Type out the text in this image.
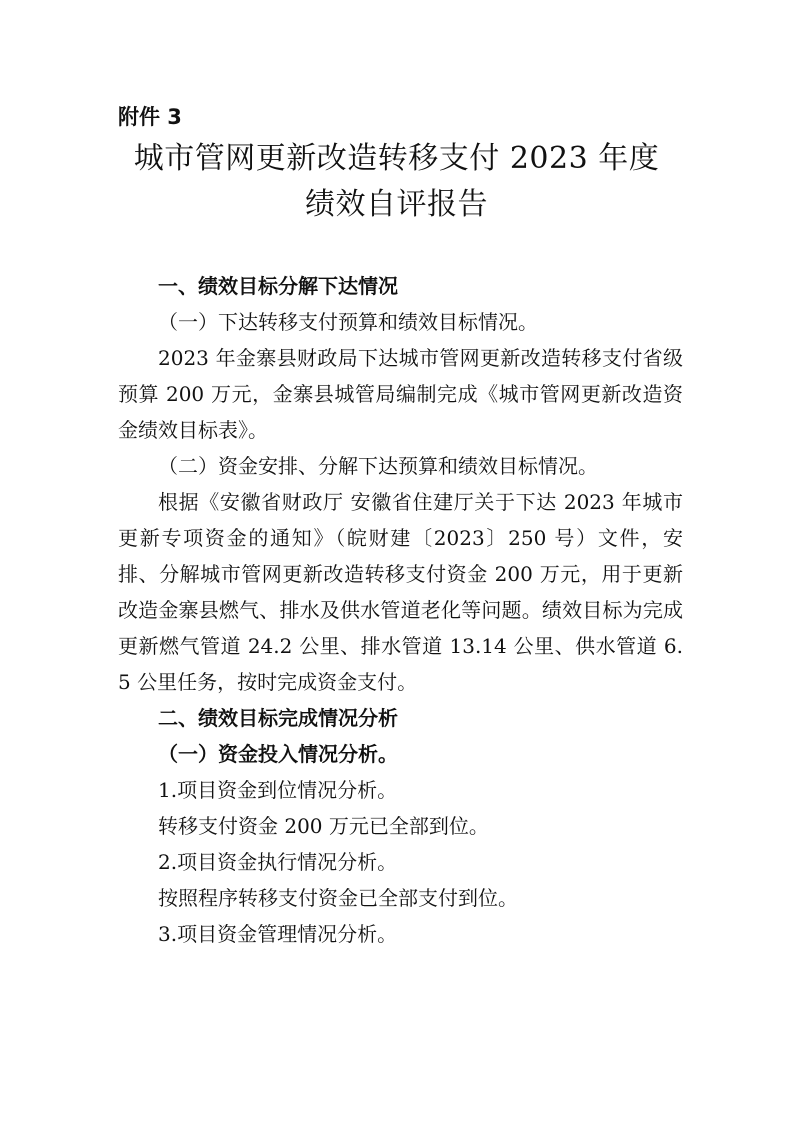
附件 3
城市管网更新改造转移支付 2023 年度
绩效自评报告

一、绩效目标分解下达情况

（一）下达转移支付预算和绩效目标情况。

2023 年金寨县财政局下达城市管网更新改造转移支付省级预算 200 万元，金寨县城管局编制完成《城市管网更新改造资金绩效目标表》。

（二）资金安排、分解下达预算和绩效目标情况。

根据《安徽省财政厅 安徽省住建厅关于下达 2023 年城市更新专项资金的通知》（皖财建〔2023〕250 号）文件，安排、分解城市管网更新改造转移支付资金 200 万元，用于更新改造金寨县燃气、排水及供水管道老化等问题。绩效目标为完成更新燃气管道 24.2 公里、排水管道 13.14 公里、供水管道 6.5 公里任务，按时完成资金支付。

二、绩效目标完成情况分析

（一）资金投入情况分析。

1.项目资金到位情况分析。

转移支付资金 200 万元已全部到位。

2.项目资金执行情况分析。

按照程序转移支付资金已全部支付到位。

3.项目资金管理情况分析。
